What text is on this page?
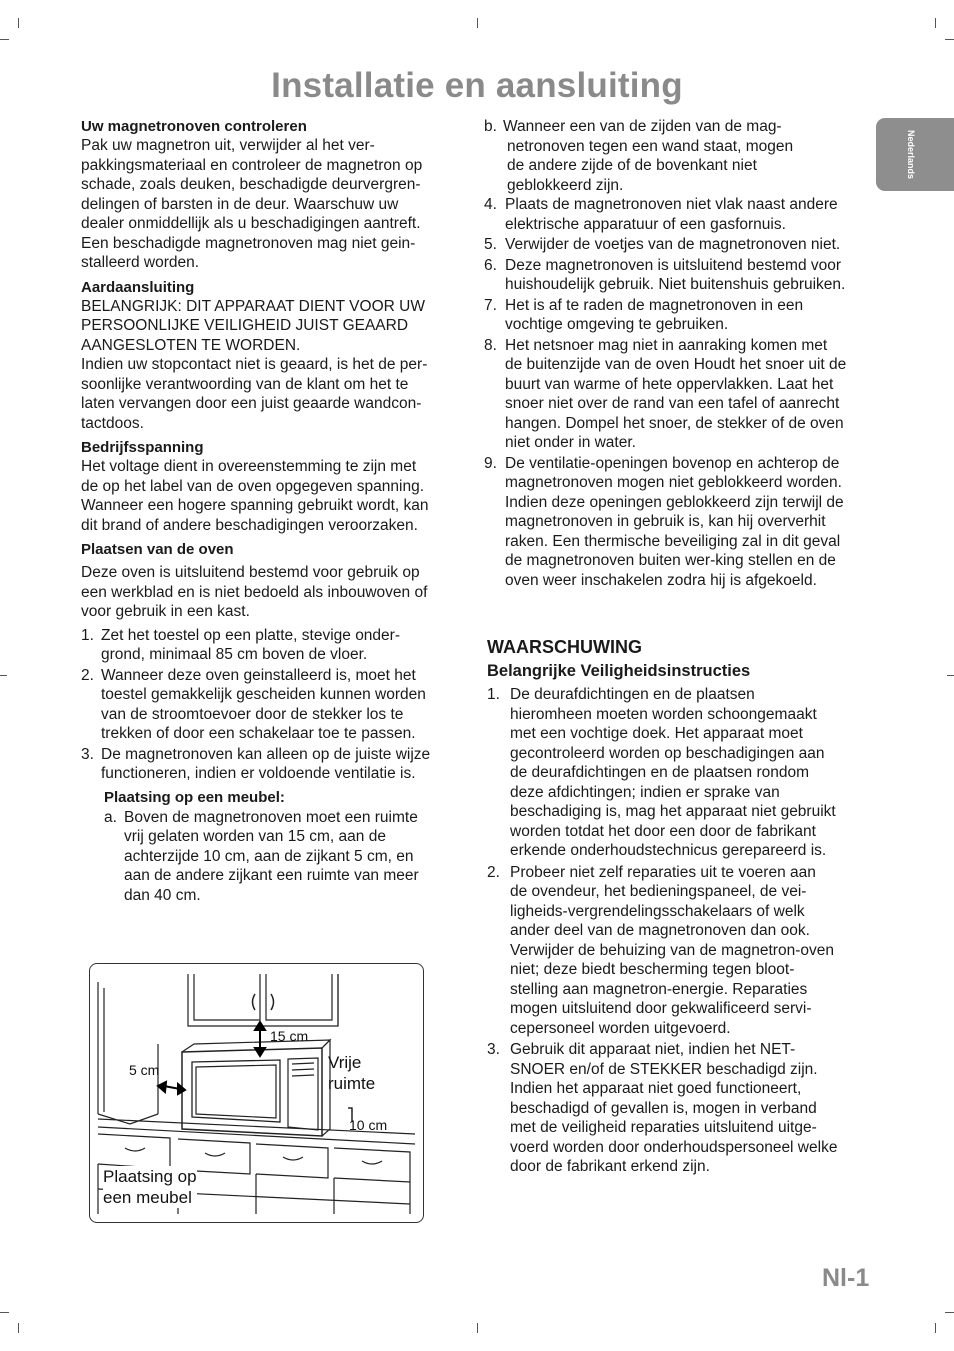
Installatie en aansluiting
Nederlands
Uw magnetronoven controleren
Pak uw magnetron uit, verwijder al het ver-
pakkingsmateriaal en controleer de magnetron op
schade, zoals deuken, beschadigde deurvergren-
delingen of barsten in de deur. Waarschuw uw
dealer onmiddellijk als u beschadigingen aantreft.
Een beschadigde magnetronoven mag niet gein-
stalleerd worden.
Aardaansluiting
BELANGRIJK: DIT APPARAAT DIENT VOOR UW
PERSOONLIJKE VEILIGHEID JUIST GEAARD
AANGESLOTEN TE WORDEN.
Indien uw stopcontact niet is geaard, is het de per-
soonlijke verantwoording van de klant om het te
laten vervangen door een juist geaarde wandcon-
tactdoos.
Bedrijfsspanning
Het voltage dient in overeenstemming te zijn met
de op het label van de oven opgegeven spanning.
Wanneer een hogere spanning gebruikt wordt, kan
dit brand of andere beschadigingen veroorzaken.
Plaatsen van de oven
Deze oven is uitsluitend bestemd voor gebruik op
een werkblad en is niet bedoeld als inbouwoven of
voor gebruik in een kast.
1. Zet het toestel op een platte, stevige onder-
grond, minimaal 85 cm boven de vloer.
2. Wanneer deze oven geinstalleerd is, moet het
toestel gemakkelijk gescheiden kunnen worden
van de stroomtoevoer door de stekker los te
trekken of door een schakelaar toe te passen.
3. De magnetronoven kan alleen op de juiste wijze
functioneren, indien er voldoende ventilatie is.
Plaatsing op een meubel:
a. Boven de magnetronoven moet een ruimte
vrij gelaten worden van 15 cm, aan de
achterzijde 10 cm, aan de zijkant 5 cm, en
aan de andere zijkant een ruimte van meer
dan 40 cm.
15 cm
5 cm
10 cm
Vrije
ruimte
Plaatsing op
een meubel
b. Wanneer een van de zijden van de mag-
netronoven tegen een wand staat, mogen
de andere zijde of de bovenkant niet
geblokkeerd zijn.
4. Plaats de magnetronoven niet vlak naast andere
elektrische apparatuur of een gasfornuis.
5. Verwijder de voetjes van de magnetronoven niet.
6. Deze magnetronoven is uitsluitend bestemd voor
huishoudelijk gebruik. Niet buitenshuis gebruiken.
7. Het is af te raden de magnetronoven in een
vochtige omgeving te gebruiken.
8. Het netsnoer mag niet in aanraking komen met
de buitenzijde van de oven Houdt het snoer uit de
buurt van warme of hete oppervlakken. Laat het
snoer niet over de rand van een tafel of aanrecht
hangen. Dompel het snoer, de stekker of de oven
niet onder in water.
9. De ventilatie-openingen bovenop en achterop de
magnetronoven mogen niet geblokkeerd worden.
Indien deze openingen geblokkeerd zijn terwijl de
magnetronoven in gebruik is, kan hij oververhit
raken. Een thermische beveiliging zal in dit geval
de magnetronoven buiten wer-king stellen en de
oven weer inschakelen zodra hij is afgekoeld.
WAARSCHUWING
Belangrijke Veiligheidsinstructies
1. De deurafdichtingen en de plaatsen
hieromheen moeten worden schoongemaakt
met een vochtige doek. Het apparaat moet
gecontroleerd worden op beschadigingen aan
de deurafdichtingen en de plaatsen rondom
deze afdichtingen; indien er sprake van
beschadiging is, mag het apparaat niet gebruikt
worden totdat het door een door de fabrikant
erkende onderhoudstechnicus gerepareerd is.
2. Probeer niet zelf reparaties uit te voeren aan
de ovendeur, het bedieningspaneel, de vei-
ligheids-vergrendelingsschakelaars of welk
ander deel van de magnetronoven dan ook.
Verwijder de behuizing van de magnetron-oven
niet; deze biedt bescherming tegen bloot-
stelling aan magnetron-energie. Reparaties
mogen uitsluitend door gekwalificeerd servi-
cepersoneel worden uitgevoerd.
3. Gebruik dit apparaat niet, indien het NET-
SNOER en/of de STEKKER beschadigd zijn.
Indien het apparaat niet goed functioneert,
beschadigd of gevallen is, mogen in verband
met de veiligheid reparaties uitsluitend uitge-
voerd worden door onderhoudspersoneel welke
door de fabrikant erkend zijn.
Nl-1
